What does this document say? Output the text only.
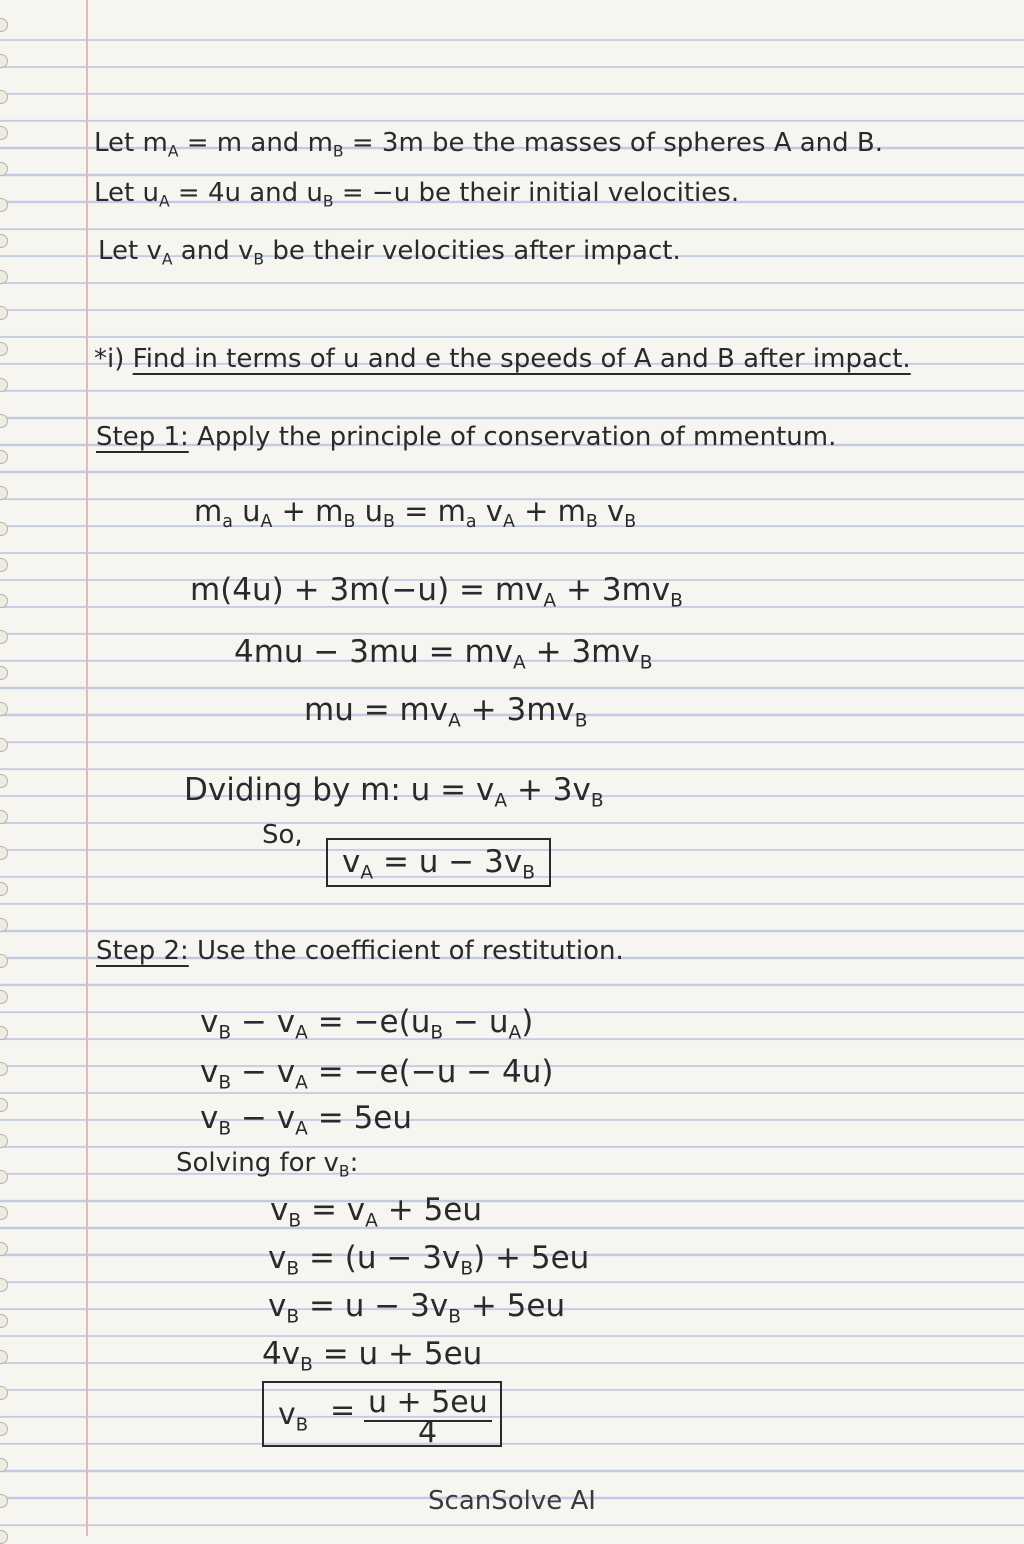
Let $m_A = m$ and $m_B = 3m$ be the masses of spheres A and B.
Let $u_A = 4u$ and $u_B = -u$ be their initial velocities.
Let $v_A$ and $v_B$ be their velocities after impact.
*i) Find in terms of u and e the speeds of A and B after impact.
Step 1: Apply the principle of conservation of mmentum.
$m_a$ $u_A + m_B$ $u_B = m_a$ $v_A + m_B$ $v_B$
$m(4u) + 3m(-u) = mv_A + 3mv_B$
$4mu - 3mu = mv_A + 3mv_B$
mu = $mv_A + 3mv_B$
Dviding by m: $u = v_A + 3v_B$
So,
$v_A = u - 3v_B$
Step 2: Use the coefficient of restitution.
$v_B - v_A = -e(u_B - u_A)$
$v_B - v_A = -e(-u - 4u)$
$v_B - v_A = 5eu$
Solving for $v_B$:
$v_B = v_A + 5eu$
$v_B = (u - 3v_B) + 5eu$
$v_B = u - 3v_B + 5eu$
$4v_B = u + 5eu$
$v_B = u + 5eu$
4
ScanSolve AI
